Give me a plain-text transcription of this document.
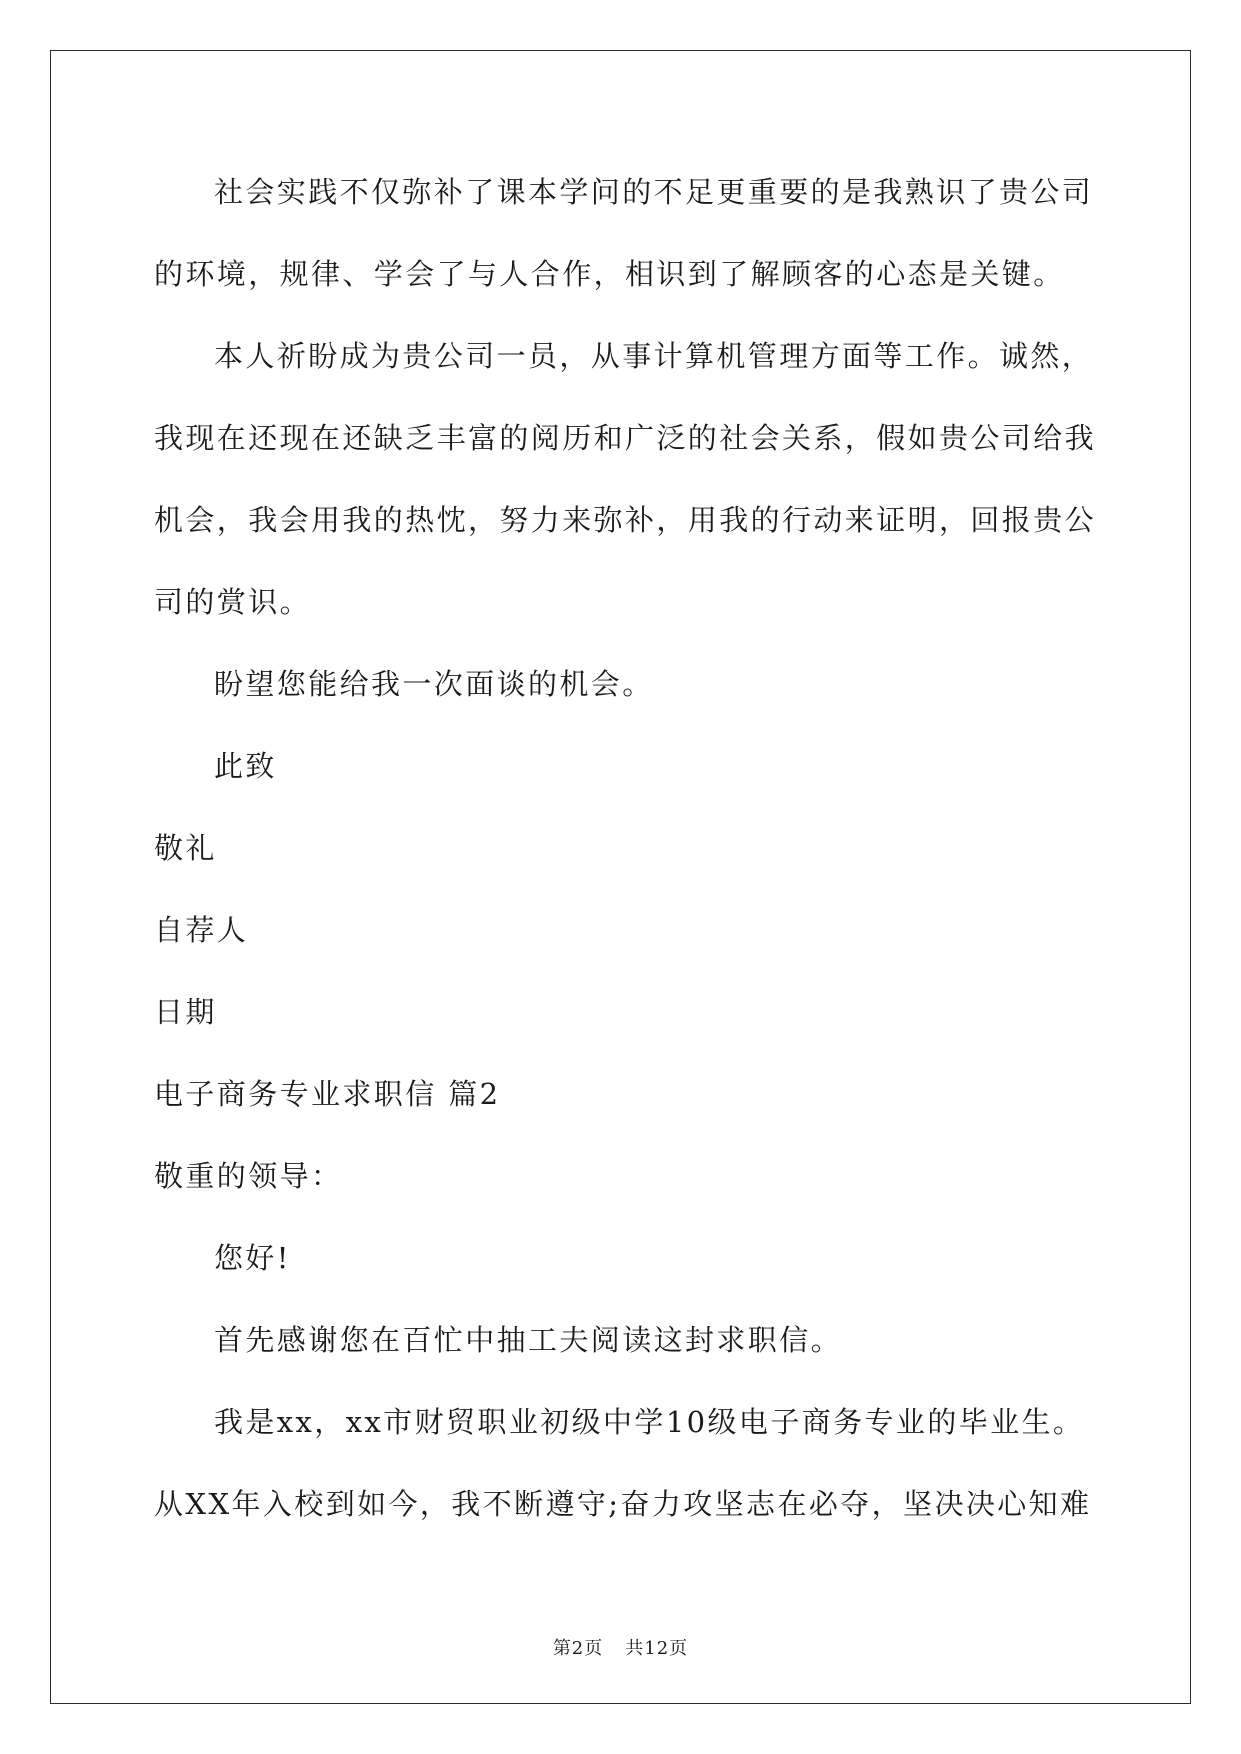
社会实践不仅弥补了课本学问的不足更重要的是我熟识了贵公司
的环境，规律、学会了与人合作，相识到了解顾客的心态是关键。
本人祈盼成为贵公司一员，从事计算机管理方面等工作。诚然，
我现在还现在还缺乏丰富的阅历和广泛的社会关系，假如贵公司给我
机会，我会用我的热忱，努力来弥补，用我的行动来证明，回报贵公
司的赏识。
盼望您能给我一次面谈的机会。
此致
敬礼
自荐人
日期
电子商务专业求职信 篇2
敬重的领导：
您好!
首先感谢您在百忙中抽工夫阅读这封求职信。
我是xx，xx市财贸职业初级中学10级电子商务专业的毕业生。
从XX年入校到如今，我不断遵守;奋力攻坚志在必夺，坚决决心知难
第2页 共12页
